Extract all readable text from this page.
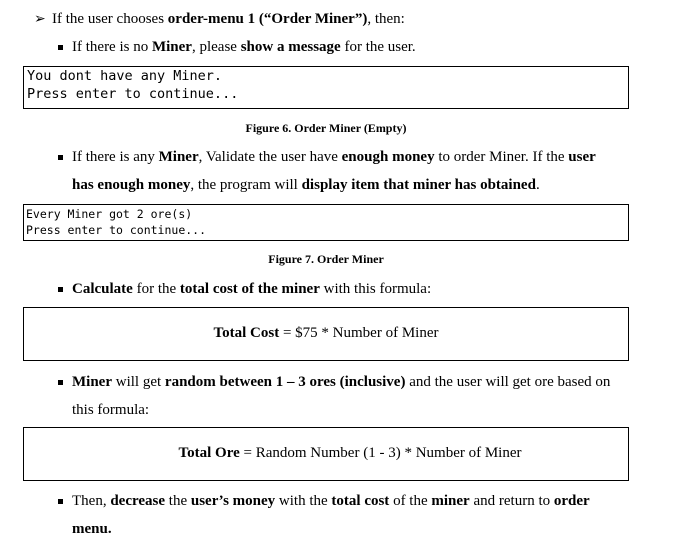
➢ If the user chooses order-menu 1 (“Order Miner”), then:
If there is no Miner, please show a message for the user.
You dont have any Miner.
Press enter to continue...
Figure 6. Order Miner (Empty)
If there is any Miner, Validate the user have enough money to order Miner. If the user
has enough money, the program will display item that miner has obtained.
Every Miner got 2 ore(s)
Press enter to continue...
Figure 7. Order Miner
Calculate for the total cost of the miner with this formula:
Total Cost = $75 * Number of Miner
Miner will get random between 1 – 3 ores (inclusive) and the user will get ore based on
this formula:
Total Ore = Random Number (1 - 3) * Number of Miner
Then, decrease the user’s money with the total cost of the miner and return to order
menu.
